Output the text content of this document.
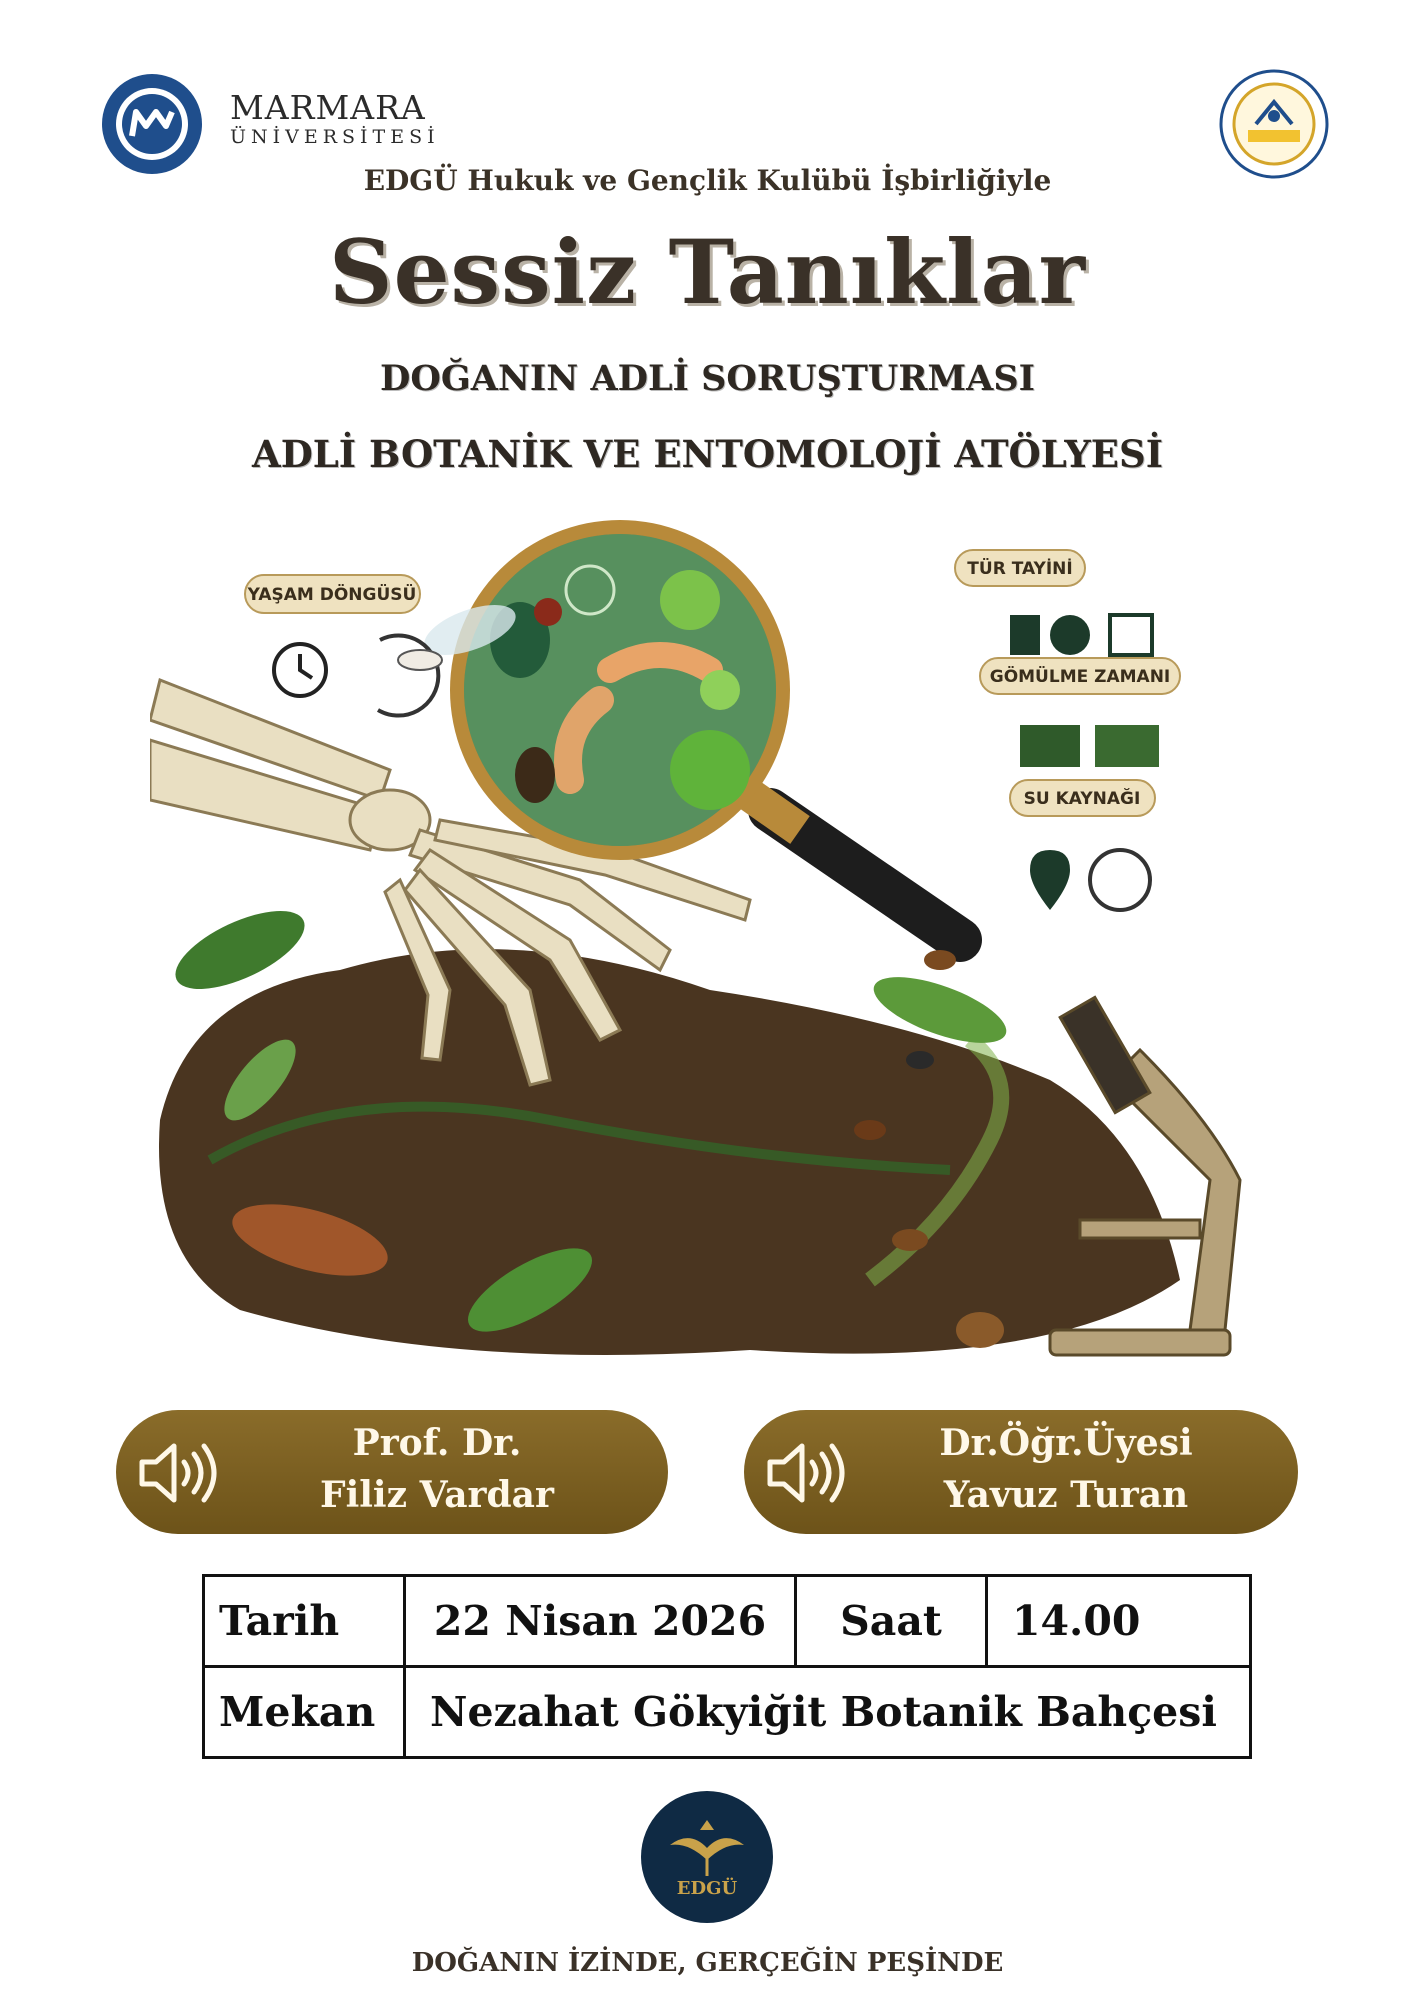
MARMARA
ÜNİVERSİTESİ
EDGÜ Hukuk ve Gençlik Kulübü İşbirliğiyle
Sessiz Tanıklar
DOĞANIN ADLİ SORUŞTURMASI
ADLİ BOTANİK VE ENTOMOLOJİ ATÖLYESİ
YAŞAM DÖNGÜSÜ
TÜR TAYİNİ
GÖMÜLME ZAMANI
SU KAYNAĞI
Prof. Dr.
Filiz Vardar
Dr.Öğr.Üyesi
Yavuz Turan
Tarih	22 Nisan 2026	Saat	14.00
Mekan	Nezahat Gökyiğit Botanik Bahçesi		
EDGÜ
DOĞANIN İZİNDE, GERÇEĞİN PEŞİNDE
